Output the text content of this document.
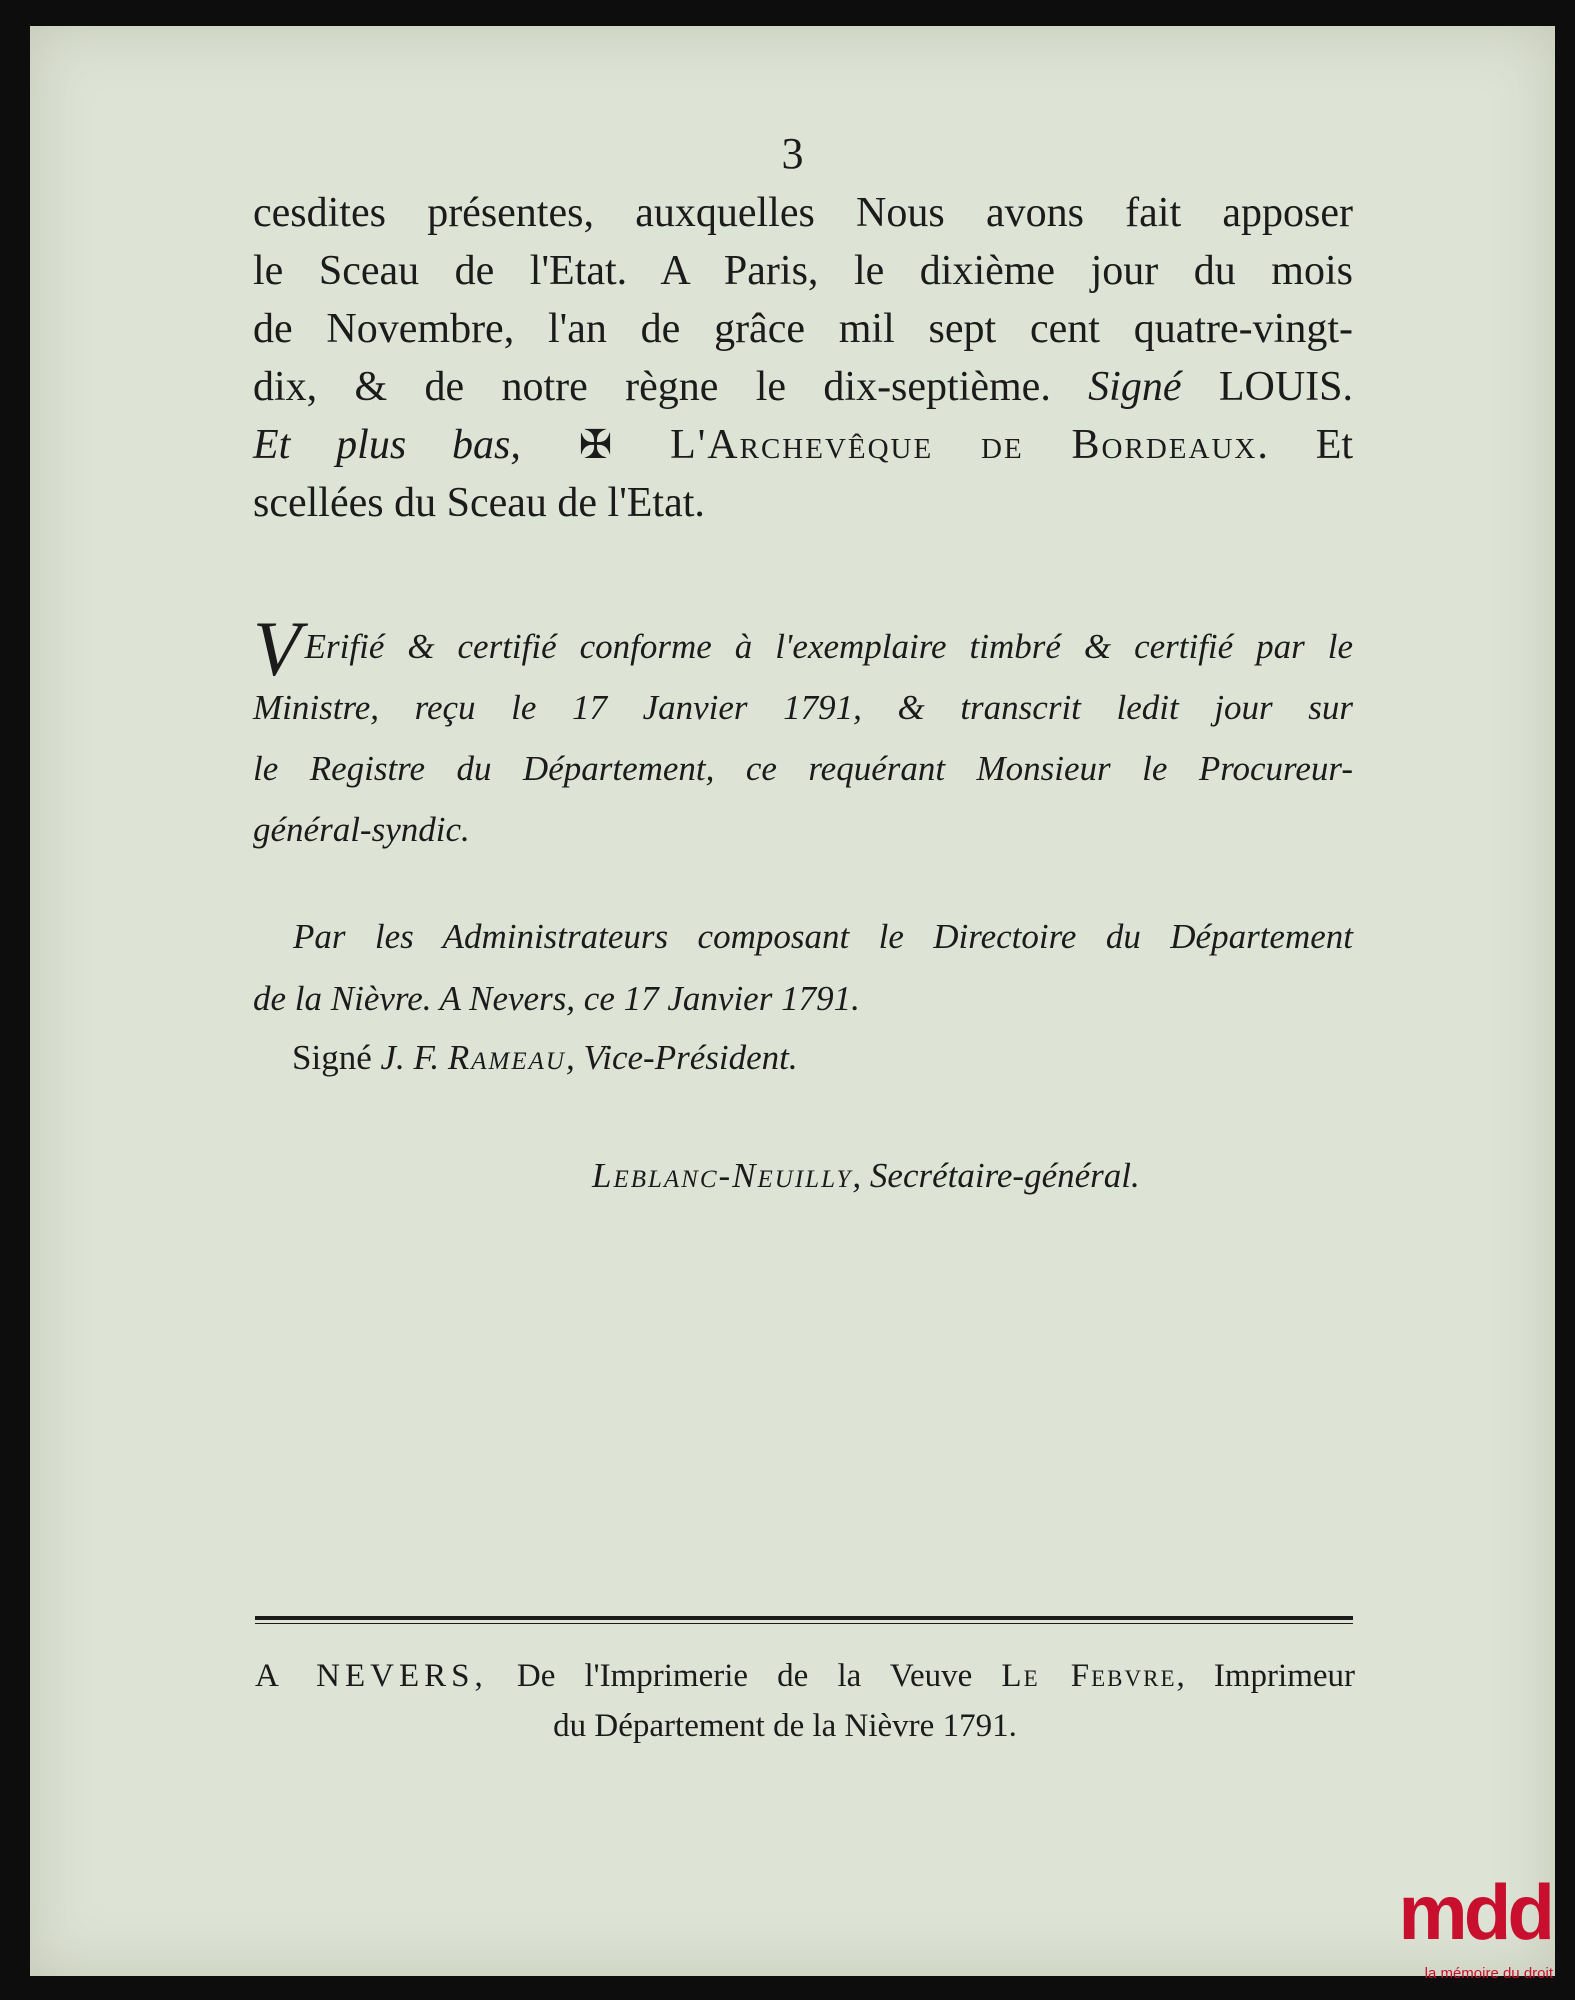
3
cesdites présentes, auxquelles Nous avons fait apposer
le Sceau de l'Etat. A Paris, le dixième jour du mois
de Novembre, l'an de grâce mil sept cent quatre-vingt-
dix, & de notre règne le dix-septième. Signé LOUIS.
Et plus bas, ✠ L'Archevêque de Bordeaux. Et
scellées du Sceau de l'Etat.
V Erifié & certifié conforme à l'exemplaire timbré & certifié par le
Ministre, reçu le 17 Janvier 1791, & transcrit ledit jour sur
le Registre du Département, ce requérant Monsieur le Procureur-
général-syndic.
Par les Administrateurs composant le Directoire du Département
de la Nièvre. A Nevers, ce 17 Janvier 1791.
Signé J. F. Rameau, Vice-Président.
Leblanc-Neuilly, Secrétaire-général.
A NEVERS, De l'Imprimerie de la Veuve Le Febvre, Imprimeur
du Département de la Nièvre 1791.
mdd
la mémoire du droit
